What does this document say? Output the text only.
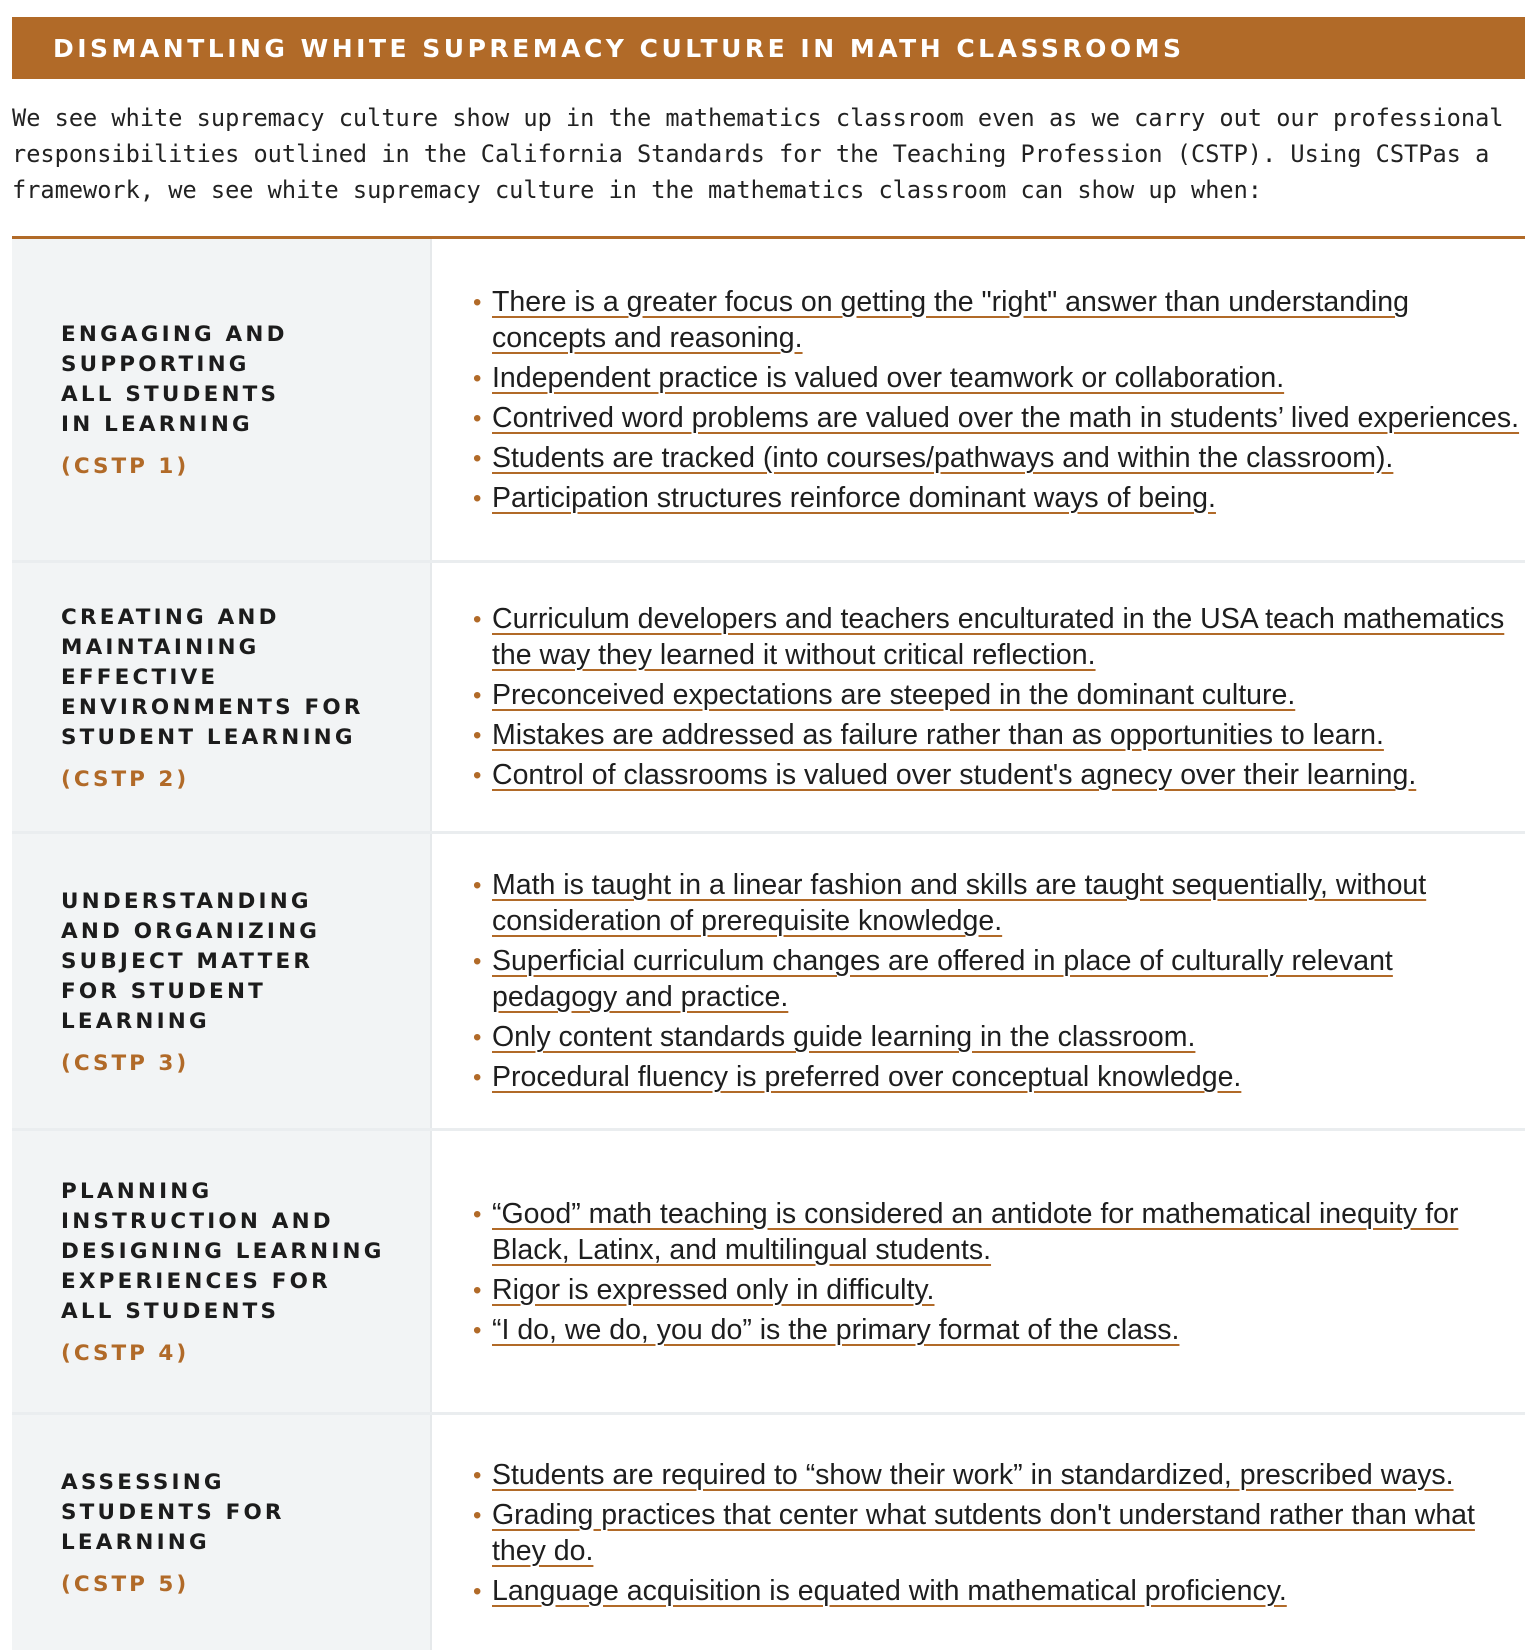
DISMANTLING WHITE SUPREMACY CULTURE IN MATH CLASSROOMS
We see white supremacy culture show up in the mathematics classroom even as we carry out our professional
responsibilities outlined in the California Standards for the Teaching Profession (CSTP). Using CSTPas a
framework, we see white supremacy culture in the mathematics classroom can show up when:
ENGAGING AND
SUPPORTING
ALL STUDENTS
IN LEARNING
(CSTP 1)
• There is a greater focus on getting the "right" answer than understanding concepts and reasoning.
• Independent practice is valued over teamwork or collaboration.
• Contrived word problems are valued over the math in students’ lived experiences.
• Students are tracked (into courses/pathways and within the classroom).
• Participation structures reinforce dominant ways of being.
CREATING AND
MAINTAINING
EFFECTIVE
ENVIRONMENTS FOR
STUDENT LEARNING
(CSTP 2)
• Curriculum developers and teachers enculturated in the USA teach mathematics the way they learned it without critical reflection.
• Preconceived expectations are steeped in the dominant culture.
• Mistakes are addressed as failure rather than as opportunities to learn.
• Control of classrooms is valued over student's agnecy over their learning.
UNDERSTANDING
AND ORGANIZING
SUBJECT MATTER
FOR STUDENT
LEARNING
(CSTP 3)
• Math is taught in a linear fashion and skills are taught sequentially, without consideration of prerequisite knowledge.
• Superficial curriculum changes are offered in place of culturally relevant pedagogy and practice.
• Only content standards guide learning in the classroom.
• Procedural fluency is preferred over conceptual knowledge.
PLANNING
INSTRUCTION AND
DESIGNING LEARNING
EXPERIENCES FOR
ALL STUDENTS
(CSTP 4)
• “Good” math teaching is considered an antidote for mathematical inequity for Black, Latinx, and multilingual students.
• Rigor is expressed only in difficulty.
• “I do, we do, you do” is the primary format of the class.
ASSESSING
STUDENTS FOR
LEARNING
(CSTP 5)
• Students are required to “show their work” in standardized, prescribed ways.
• Grading practices that center what sutdents don't understand rather than what they do.
• Language acquisition is equated with mathematical proficiency.
